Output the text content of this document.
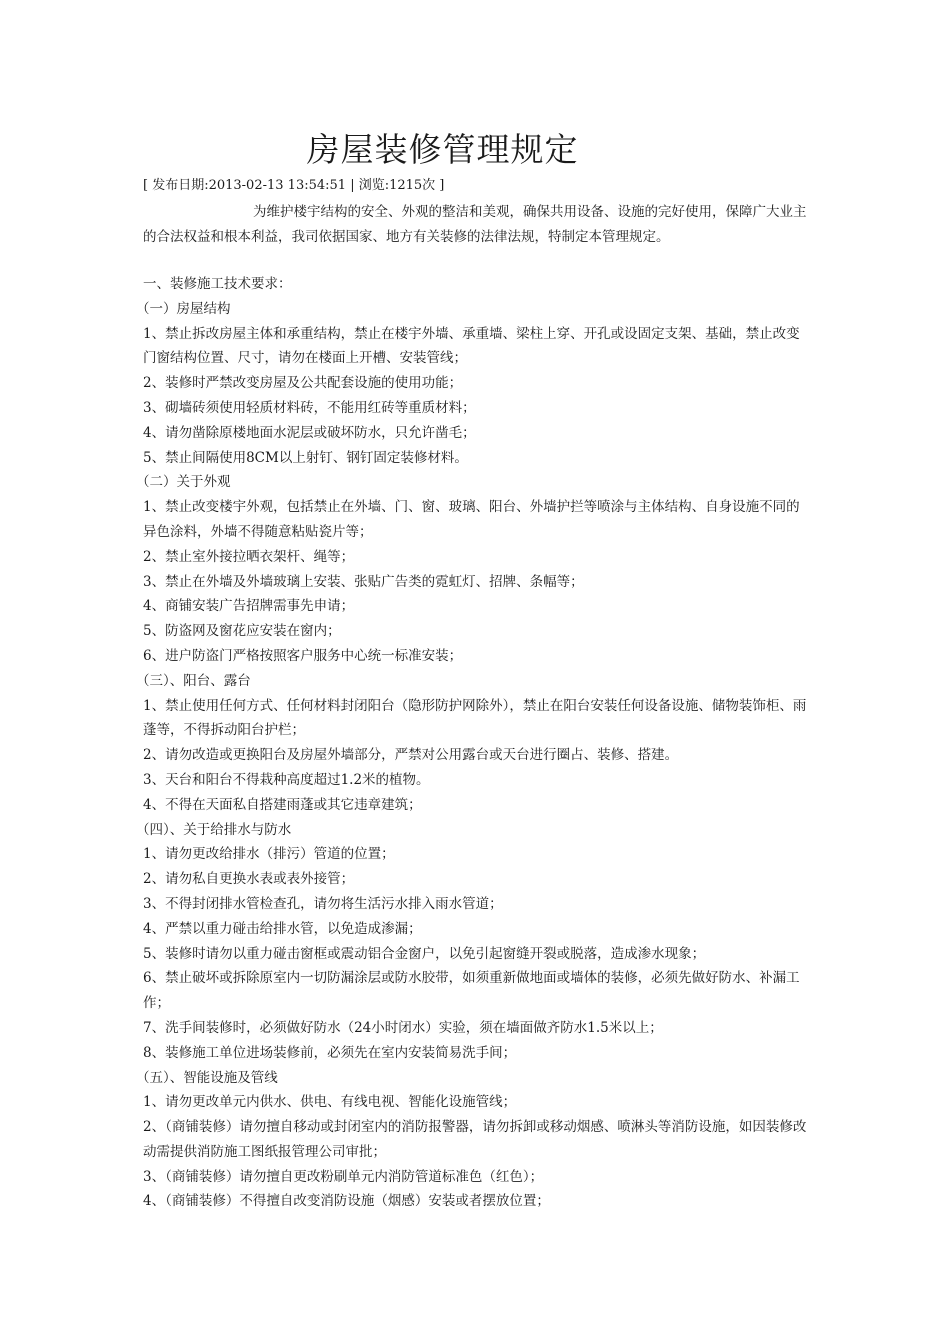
房屋装修管理规定
[ 发布日期:2013-02-13 13:54:51 | 浏览:1215次 ]

为维护楼宇结构的安全、外观的整洁和美观，确保共用设备、设施的完好使用，保障广大业主的合法权益和根本利益，我司依据国家、地方有关装修的法律法规，特制定本管理规定。

一、装修施工技术要求：

（一）房屋结构

1、禁止拆改房屋主体和承重结构，禁止在楼宇外墙、承重墙、梁柱上穿、开孔或设固定支架、基础，禁止改变门窗结构位置、尺寸，请勿在楼面上开槽、安装管线；

2、装修时严禁改变房屋及公共配套设施的使用功能；

3、砌墙砖须使用轻质材料砖，不能用红砖等重质材料；

4、请勿凿除原楼地面水泥层或破坏防水，只允许凿毛；

5、禁止间隔使用8CM以上射钉、钢钉固定装修材料。

（二）关于外观

1、禁止改变楼宇外观，包括禁止在外墙、门、窗、玻璃、阳台、外墙护拦等喷涂与主体结构、自身设施不同的异色涂料，外墙不得随意粘贴瓷片等；

2、禁止室外接拉晒衣架杆、绳等；

3、禁止在外墙及外墙玻璃上安装、张贴广告类的霓虹灯、招牌、条幅等；

4、商铺安装广告招牌需事先申请；

5、防盗网及窗花应安装在窗内；

6、进户防盗门严格按照客户服务中心统一标准安装；

（三）、阳台、露台

1、禁止使用任何方式、任何材料封闭阳台（隐形防护网除外），禁止在阳台安装任何设备设施、储物装饰柜、雨蓬等，不得拆动阳台护栏；

2、请勿改造或更换阳台及房屋外墙部分，严禁对公用露台或天台进行圈占、装修、搭建。

3、天台和阳台不得栽种高度超过1.2米的植物。

4、不得在天面私自搭建雨蓬或其它违章建筑；

（四）、关于给排水与防水

1、请勿更改给排水（排污）管道的位置；

2、请勿私自更换水表或表外接管；

3、不得封闭排水管检查孔，请勿将生活污水排入雨水管道；

4、严禁以重力碰击给排水管，以免造成渗漏；

5、装修时请勿以重力碰击窗框或震动铝合金窗户，以免引起窗缝开裂或脱落，造成渗水现象；

6、禁止破坏或拆除原室内一切防漏涂层或防水胶带，如须重新做地面或墙体的装修，必须先做好防水、补漏工作；

7、洗手间装修时，必须做好防水（24小时闭水）实验，须在墙面做齐防水1.5米以上；

8、装修施工单位进场装修前，必须先在室内安装简易洗手间；

（五）、智能设施及管线

1、请勿更改单元内供水、供电、有线电视、智能化设施管线；

2、（商铺装修）请勿擅自移动或封闭室内的消防报警器，请勿拆卸或移动烟感、喷淋头等消防设施，如因装修改动需提供消防施工图纸报管理公司审批；

3、（商铺装修）请勿擅自更改粉刷单元内消防管道标准色（红色）；

4、（商铺装修）不得擅自改变消防设施（烟感）安装或者摆放位置；
